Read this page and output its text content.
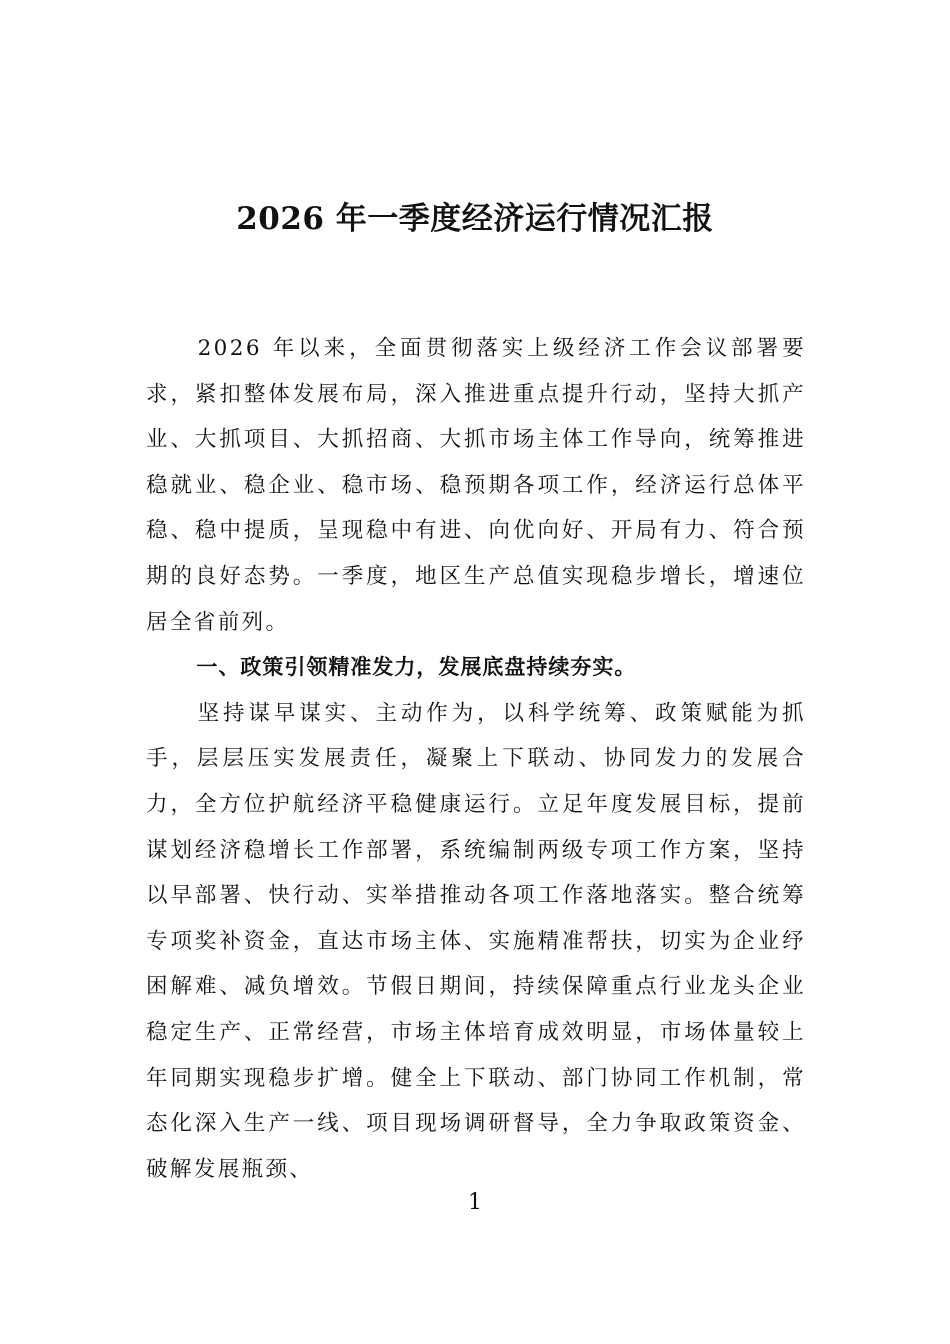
2026 年一季度经济运行情况汇报

2026 年以来，全面贯彻落实上级经济工作会议部署要求，紧扣整体发展布局，深入推进重点提升行动，坚持大抓产业、大抓项目、大抓招商、大抓市场主体工作导向，统筹推进稳就业、稳企业、稳市场、稳预期各项工作，经济运行总体平稳、稳中提质，呈现稳中有进、向优向好、开局有力、符合预期的良好态势。一季度，地区生产总值实现稳步增长，增速位居全省前列。

一、政策引领精准发力，发展底盘持续夯实。

坚持谋早谋实、主动作为，以科学统筹、政策赋能为抓手，层层压实发展责任，凝聚上下联动、协同发力的发展合力，全方位护航经济平稳健康运行。立足年度发展目标，提前谋划经济稳增长工作部署，系统编制两级专项工作方案，坚持以早部署、快行动、实举措推动各项工作落地落实。整合统筹专项奖补资金，直达市场主体、实施精准帮扶，切实为企业纾困解难、减负增效。节假日期间，持续保障重点行业龙头企业稳定生产、正常经营，市场主体培育成效明显，市场体量较上年同期实现稳步扩增。健全上下联动、部门协同工作机制，常态化深入生产一线、项目现场调研督导，全力争取政策资金、破解发展瓶颈、

1
